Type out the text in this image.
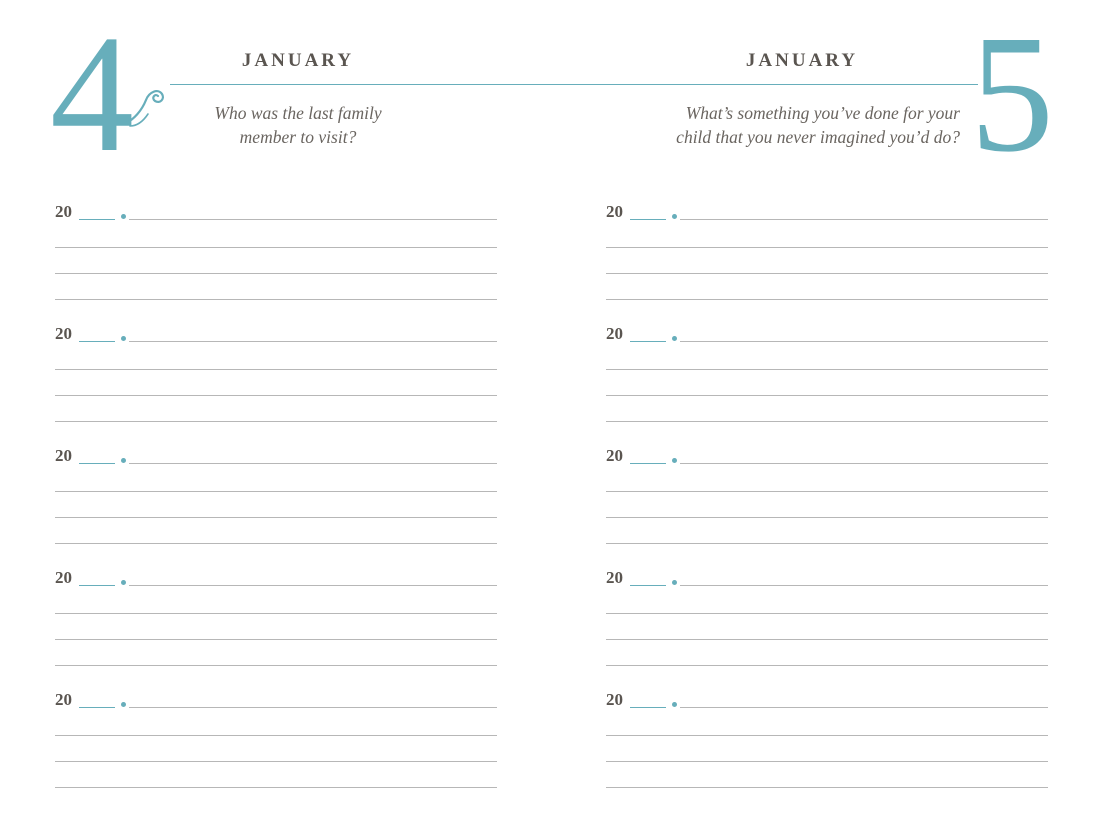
4	JANUARY
Who was the last family
member to visit?
JANUARY
What’s something you’ve done for your
child that you never imagined you’d do? 5
20
20
20
20
20
20
20
20
20
20
